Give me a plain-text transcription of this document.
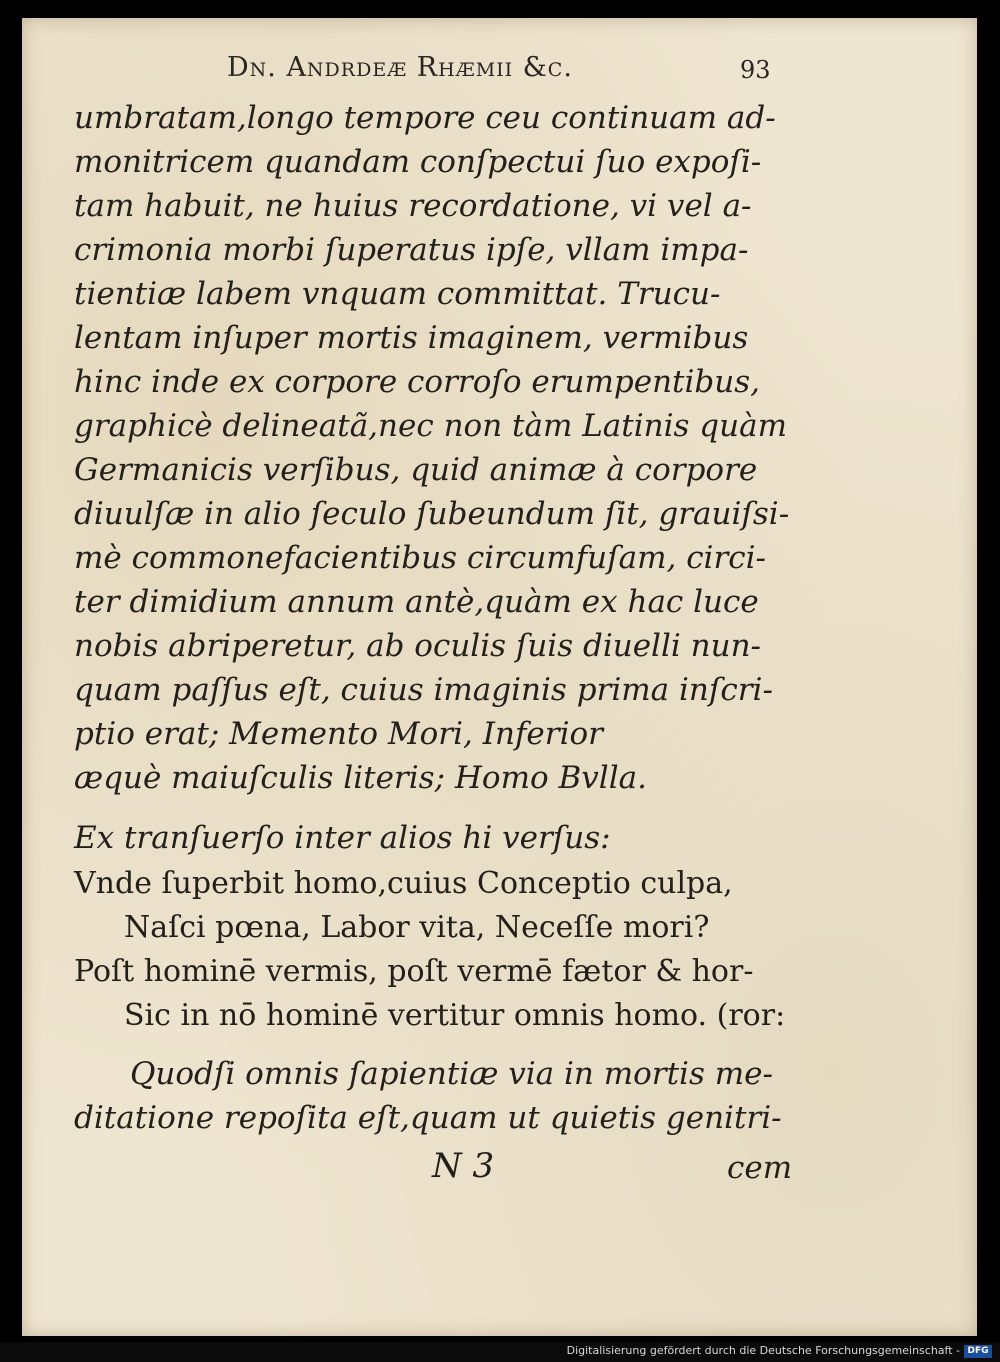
Dn. Andrdeæ Rhæmii &c.	93
umbratam,longo tempore ceu continuam ad-
monitricem quandam conſpectui ſuo expoſi-
tam habuit, ne huius recordatione, vi vel a-
crimonia morbi ſuperatus ipſe, vllam impa-
tientiæ labem vnquam committat. Trucu-
lentam inſuper mortis imaginem, vermibus
hinc inde ex corpore corroſo erumpentibus,
graphicè delineatã,nec non tàm Latinis quàm
Germanicis verſibus, quid animæ à corpore
diuulſæ in alio ſeculo ſubeundum ſit, grauiſsi-
mè commonefacientibus circumfuſam, circi-
ter dimidium annum antè,quàm ex hac luce
nobis abriperetur, ab oculis ſuis diuelli nun-
quam paſſus eſt, cuius imaginis prima inſcri-
ptio erat; Memento Mori, Inferior
æquè maiuſculis literis; Homo Bvlla.
Ex tranſuerſo inter alios hi verſus:
Vnde ſuperbit homo,cuius Conceptio culpa,
Naſci pœna, Labor vita, Neceſſe mori?
Poſt hominē vermis, poſt vermē fætor & hor-
Sic in nō hominē vertitur omnis homo. (ror:
Quodſi omnis ſapientiæ via in mortis me-
ditatione repoſita eſt,quam ut quietis genitri-
N 3	cem
Digitalisierung gefördert durch die Deutsche Forschungsgemeinschaft - DFG
